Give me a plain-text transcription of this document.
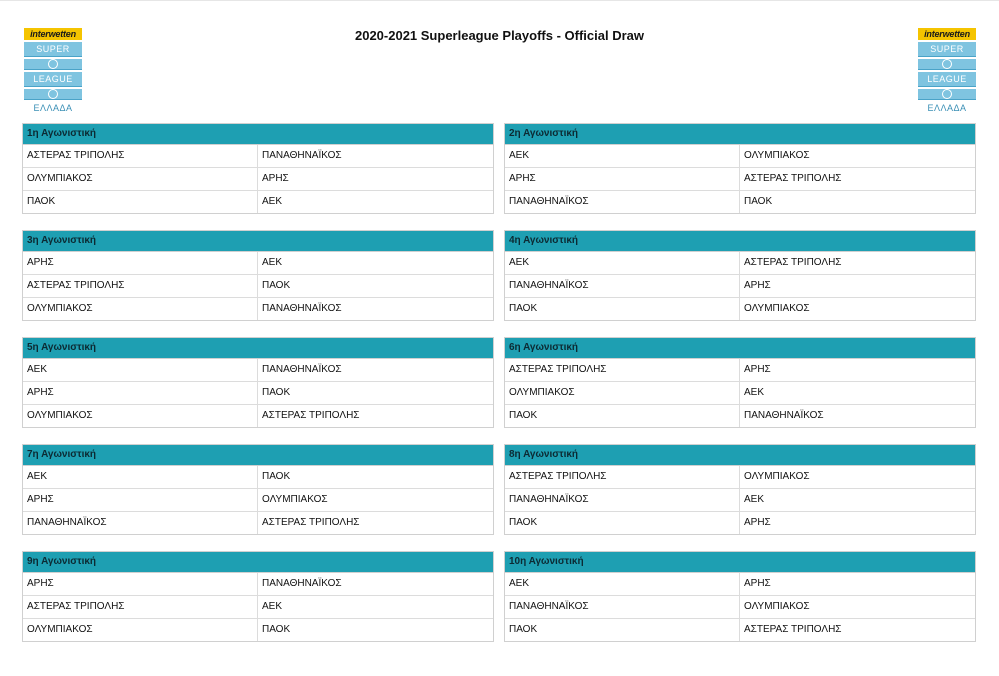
interwetten
SUPER
LEAGUE
ΕΛΛΑΔΑ
2020-2021 Superleague Playoffs - Official Draw	interwetten
SUPER
LEAGUE
ΕΛΛΑΔΑ
1η Αγωνιστική
ΑΣΤΕΡΑΣ ΤΡΙΠΟΛΗΣ	ΠΑΝΑΘΗΝΑΪΚΟΣ
ΟΛΥΜΠΙΑΚΟΣ	ΑΡΗΣ
ΠΑΟΚ	ΑΕΚ
2η Αγωνιστική
ΑΕΚ	ΟΛΥΜΠΙΑΚΟΣ
ΑΡΗΣ	ΑΣΤΕΡΑΣ ΤΡΙΠΟΛΗΣ
ΠΑΝΑΘΗΝΑΪΚΟΣ	ΠΑΟΚ
3η Αγωνιστική
ΑΡΗΣ	ΑΕΚ
ΑΣΤΕΡΑΣ ΤΡΙΠΟΛΗΣ	ΠΑΟΚ
ΟΛΥΜΠΙΑΚΟΣ	ΠΑΝΑΘΗΝΑΪΚΟΣ
4η Αγωνιστική
ΑΕΚ	ΑΣΤΕΡΑΣ ΤΡΙΠΟΛΗΣ
ΠΑΝΑΘΗΝΑΪΚΟΣ	ΑΡΗΣ
ΠΑΟΚ	ΟΛΥΜΠΙΑΚΟΣ
5η Αγωνιστική
ΑΕΚ	ΠΑΝΑΘΗΝΑΪΚΟΣ
ΑΡΗΣ	ΠΑΟΚ
ΟΛΥΜΠΙΑΚΟΣ	ΑΣΤΕΡΑΣ ΤΡΙΠΟΛΗΣ
6η Αγωνιστική
ΑΣΤΕΡΑΣ ΤΡΙΠΟΛΗΣ	ΑΡΗΣ
ΟΛΥΜΠΙΑΚΟΣ	ΑΕΚ
ΠΑΟΚ	ΠΑΝΑΘΗΝΑΪΚΟΣ
7η Αγωνιστική
ΑΕΚ	ΠΑΟΚ
ΑΡΗΣ	ΟΛΥΜΠΙΑΚΟΣ
ΠΑΝΑΘΗΝΑΪΚΟΣ	ΑΣΤΕΡΑΣ ΤΡΙΠΟΛΗΣ
8η Αγωνιστική
ΑΣΤΕΡΑΣ ΤΡΙΠΟΛΗΣ	ΟΛΥΜΠΙΑΚΟΣ
ΠΑΝΑΘΗΝΑΪΚΟΣ	ΑΕΚ
ΠΑΟΚ	ΑΡΗΣ
9η Αγωνιστική
ΑΡΗΣ	ΠΑΝΑΘΗΝΑΪΚΟΣ
ΑΣΤΕΡΑΣ ΤΡΙΠΟΛΗΣ	ΑΕΚ
ΟΛΥΜΠΙΑΚΟΣ	ΠΑΟΚ
10η Αγωνιστική
ΑΕΚ	ΑΡΗΣ
ΠΑΝΑΘΗΝΑΪΚΟΣ	ΟΛΥΜΠΙΑΚΟΣ
ΠΑΟΚ	ΑΣΤΕΡΑΣ ΤΡΙΠΟΛΗΣ
